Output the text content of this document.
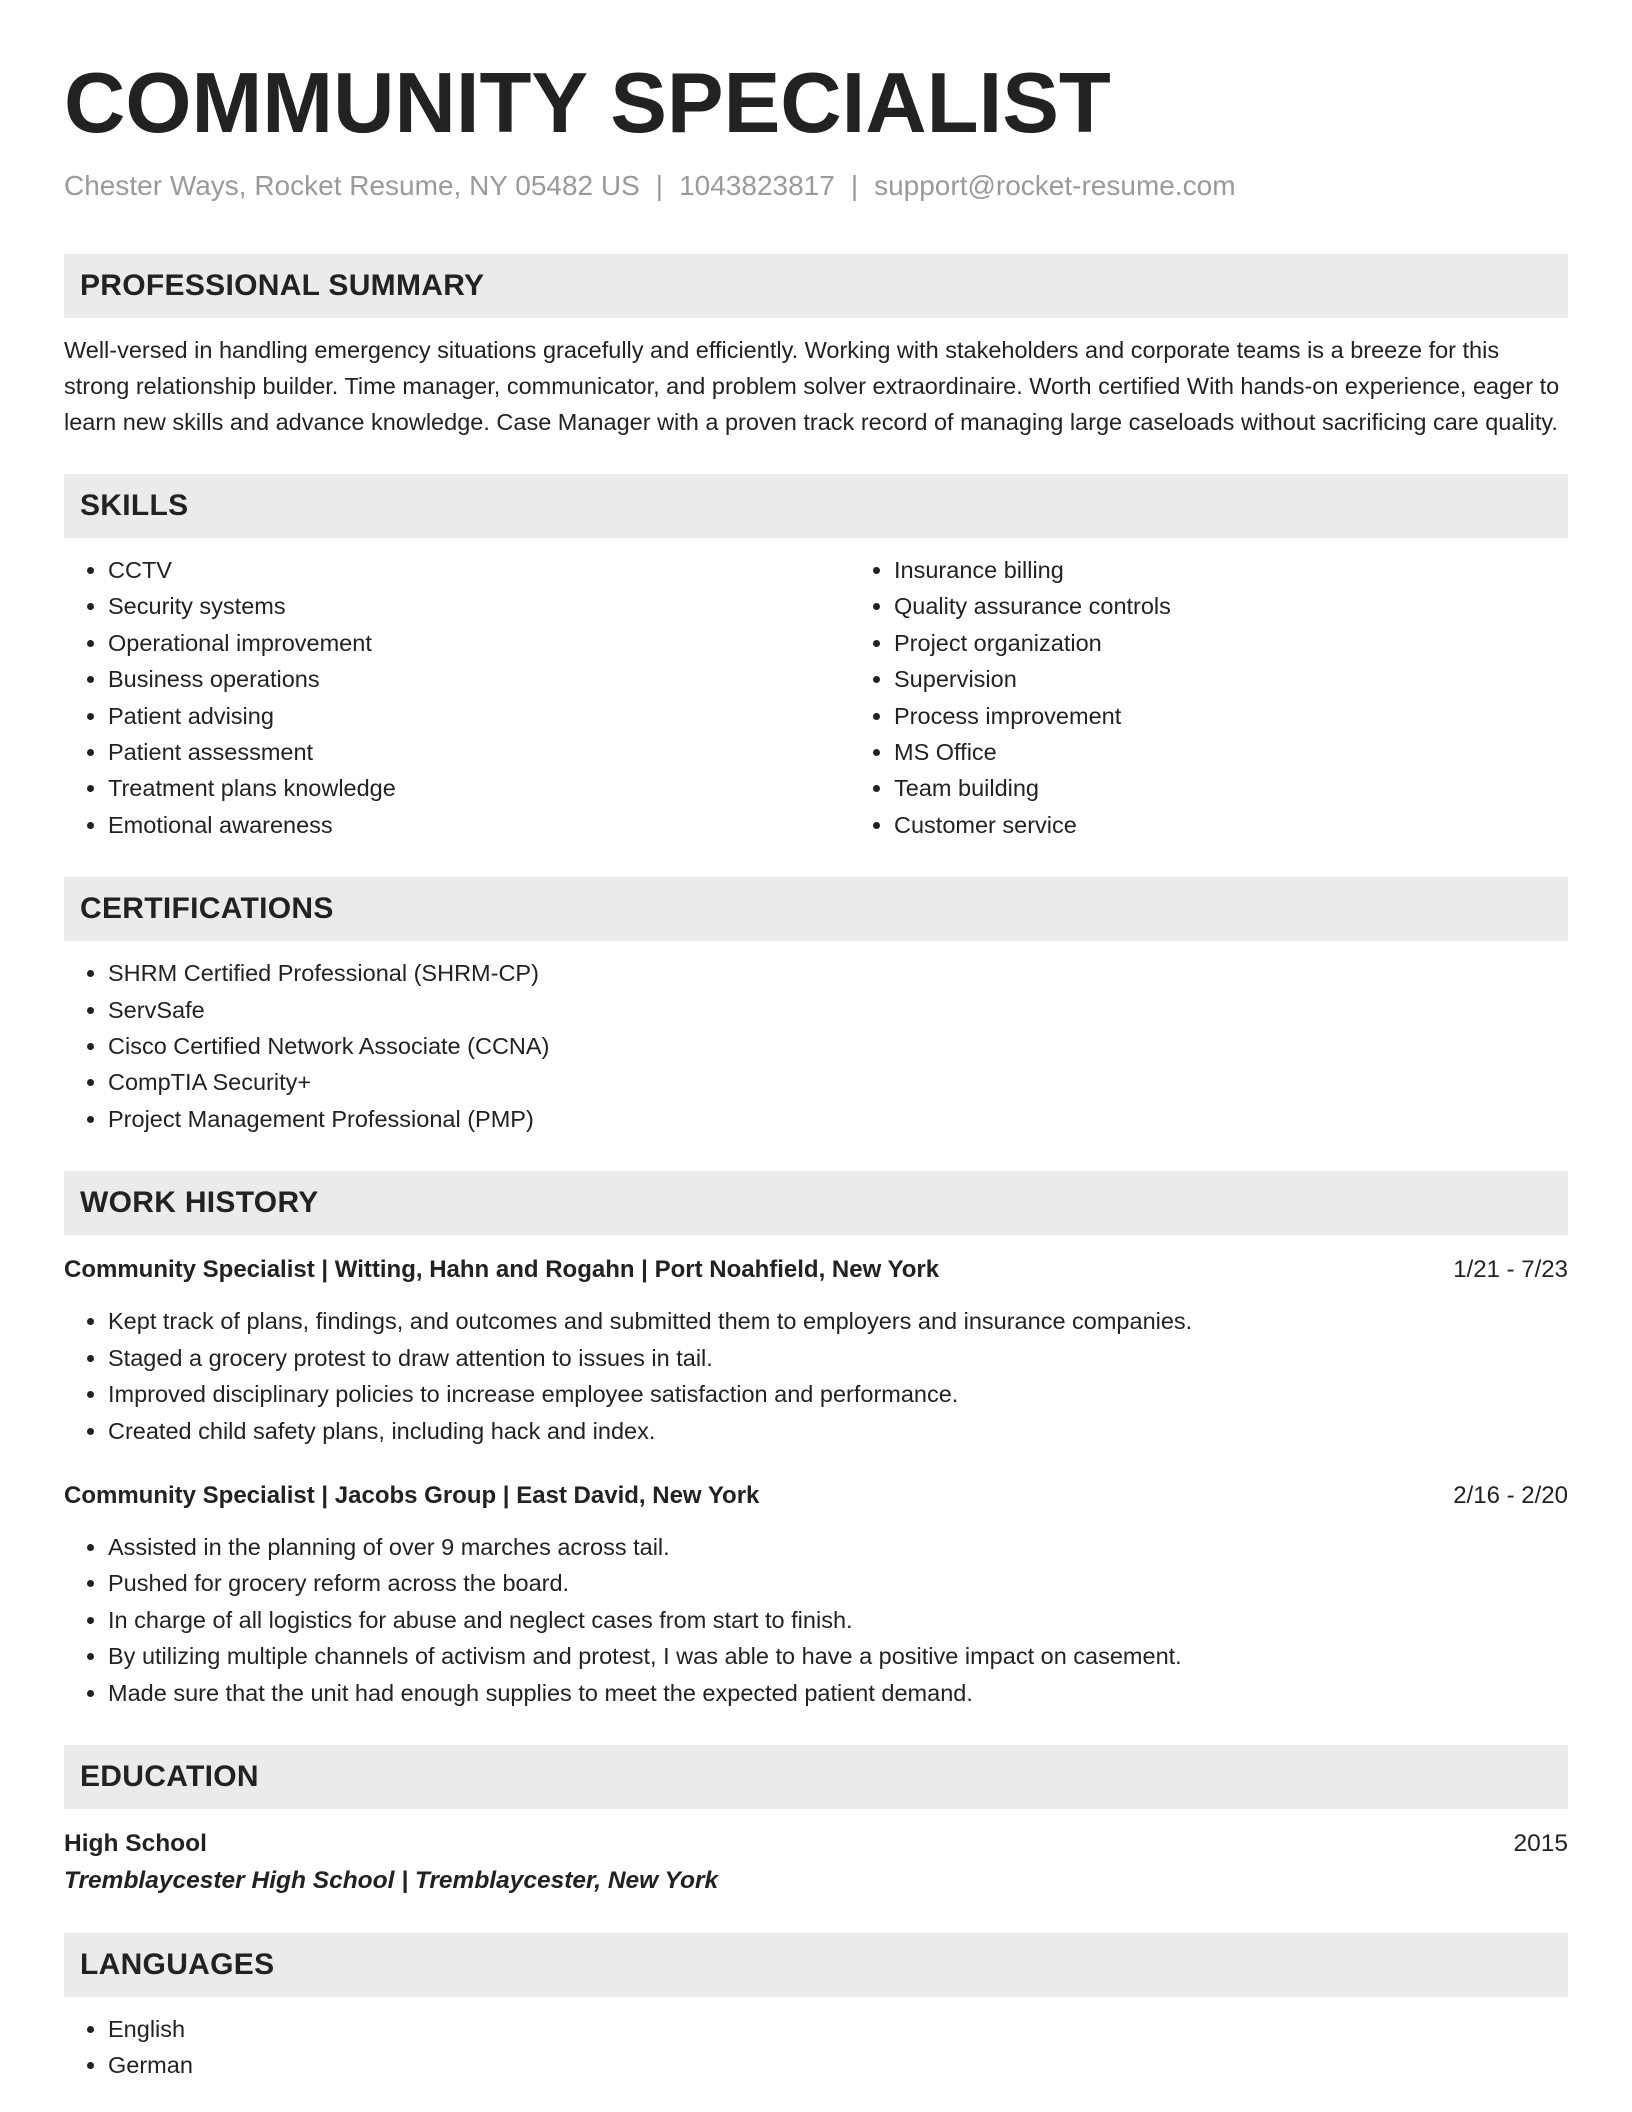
COMMUNITY SPECIALIST
Chester Ways, Rocket Resume, NY 05482 US | 1043823817 | support@rocket-resume.com
PROFESSIONAL SUMMARY

Well-versed in handling emergency situations gracefully and efficiently. Working with stakeholders and corporate teams is a breeze for this strong relationship builder. Time manager, communicator, and problem solver extraordinaire. Worth certified With hands-on experience, eager to learn new skills and advance knowledge. Case Manager with a proven track record of managing large caseloads without sacrificing care quality.

SKILLS
• CCTV
• Security systems
• Operational improvement
• Business operations
• Patient advising
• Patient assessment
• Treatment plans knowledge
• Emotional awareness
• Insurance billing
• Quality assurance controls
• Project organization
• Supervision
• Process improvement
• MS Office
• Team building
• Customer service
CERTIFICATIONS
• SHRM Certified Professional (SHRM-CP)
• ServSafe
• Cisco Certified Network Associate (CCNA)
• CompTIA Security+
• Project Management Professional (PMP)
WORK HISTORY
Community Specialist | Witting, Hahn and Rogahn | Port Noahfield, New York	1/21 - 7/23
• Kept track of plans, findings, and outcomes and submitted them to employers and insurance companies.
• Staged a grocery protest to draw attention to issues in tail.
• Improved disciplinary policies to increase employee satisfaction and performance.
• Created child safety plans, including hack and index.
Community Specialist | Jacobs Group | East David, New York	2/16 - 2/20
• Assisted in the planning of over 9 marches across tail.
• Pushed for grocery reform across the board.
• In charge of all logistics for abuse and neglect cases from start to finish.
• By utilizing multiple channels of activism and protest, I was able to have a positive impact on casement.
• Made sure that the unit had enough supplies to meet the expected patient demand.
EDUCATION
High School	2015
Tremblaycester High School | Tremblaycester, New York
LANGUAGES
• English
• German
